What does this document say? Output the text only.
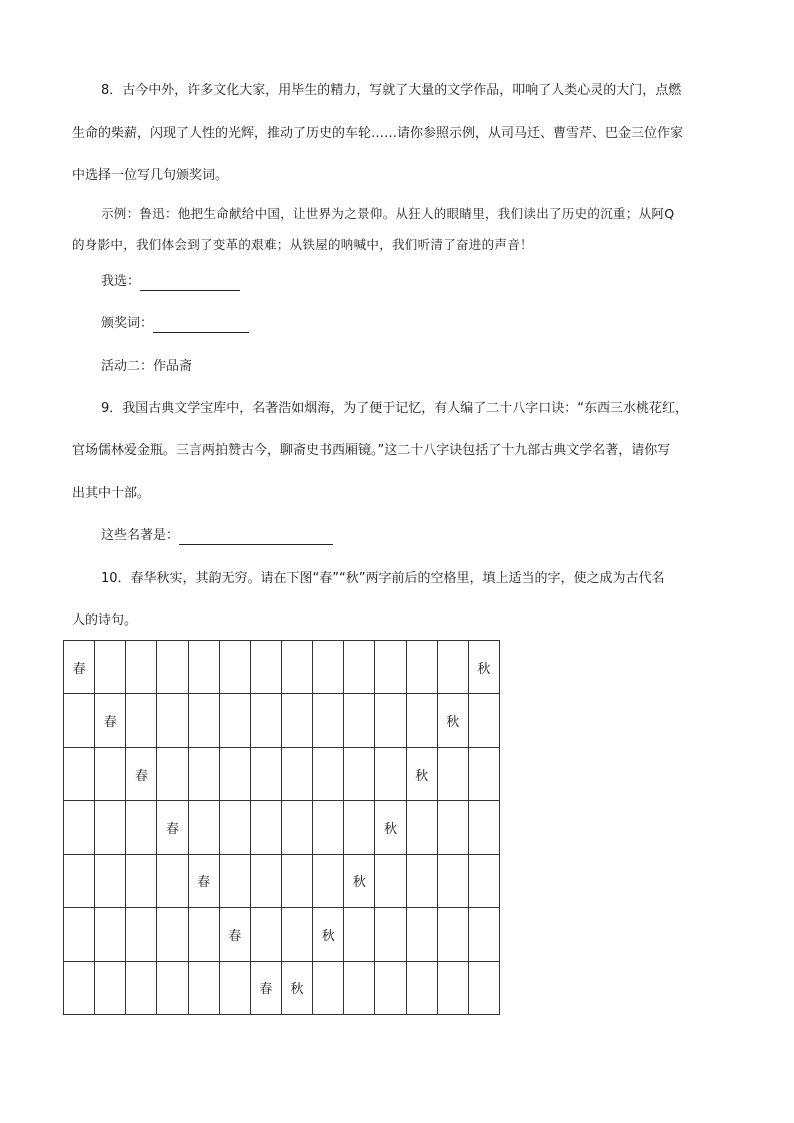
8．古今中外，许多文化大家，用毕生的精力，写就了大量的文学作品，叩响了人类心灵的大门，点燃
生命的柴薪，闪现了人性的光辉，推动了历史的车轮……请你参照示例，从司马迁、曹雪芹、巴金三位作家
中选择一位写几句颁奖词。
示例：鲁迅：他把生命献给中国，让世界为之景仰。从狂人的眼睛里，我们读出了历史的沉重；从阿Q
的身影中，我们体会到了变革的艰难；从铁屋的呐喊中，我们听清了奋进的声音！
我选：
颁奖词：
活动二：作品斋
9．我国古典文学宝库中，名著浩如烟海，为了便于记忆，有人编了二十八字口诀：“东西三水桃花红，
官场儒林爱金瓶。三言两拍赞古今，聊斋史书西厢镜。”这二十八字诀包括了十九部古典文学名著，请你写
出其中十部。
这些名著是：
10．春华秋实，其韵无穷。请在下图“春”“秋”两字前后的空格里，填上适当的字，使之成为古代名
人的诗句。
春													秋
	春											秋	
		春									秋		
			春							秋			
				春					秋				
					春			秋					
						春	秋						
